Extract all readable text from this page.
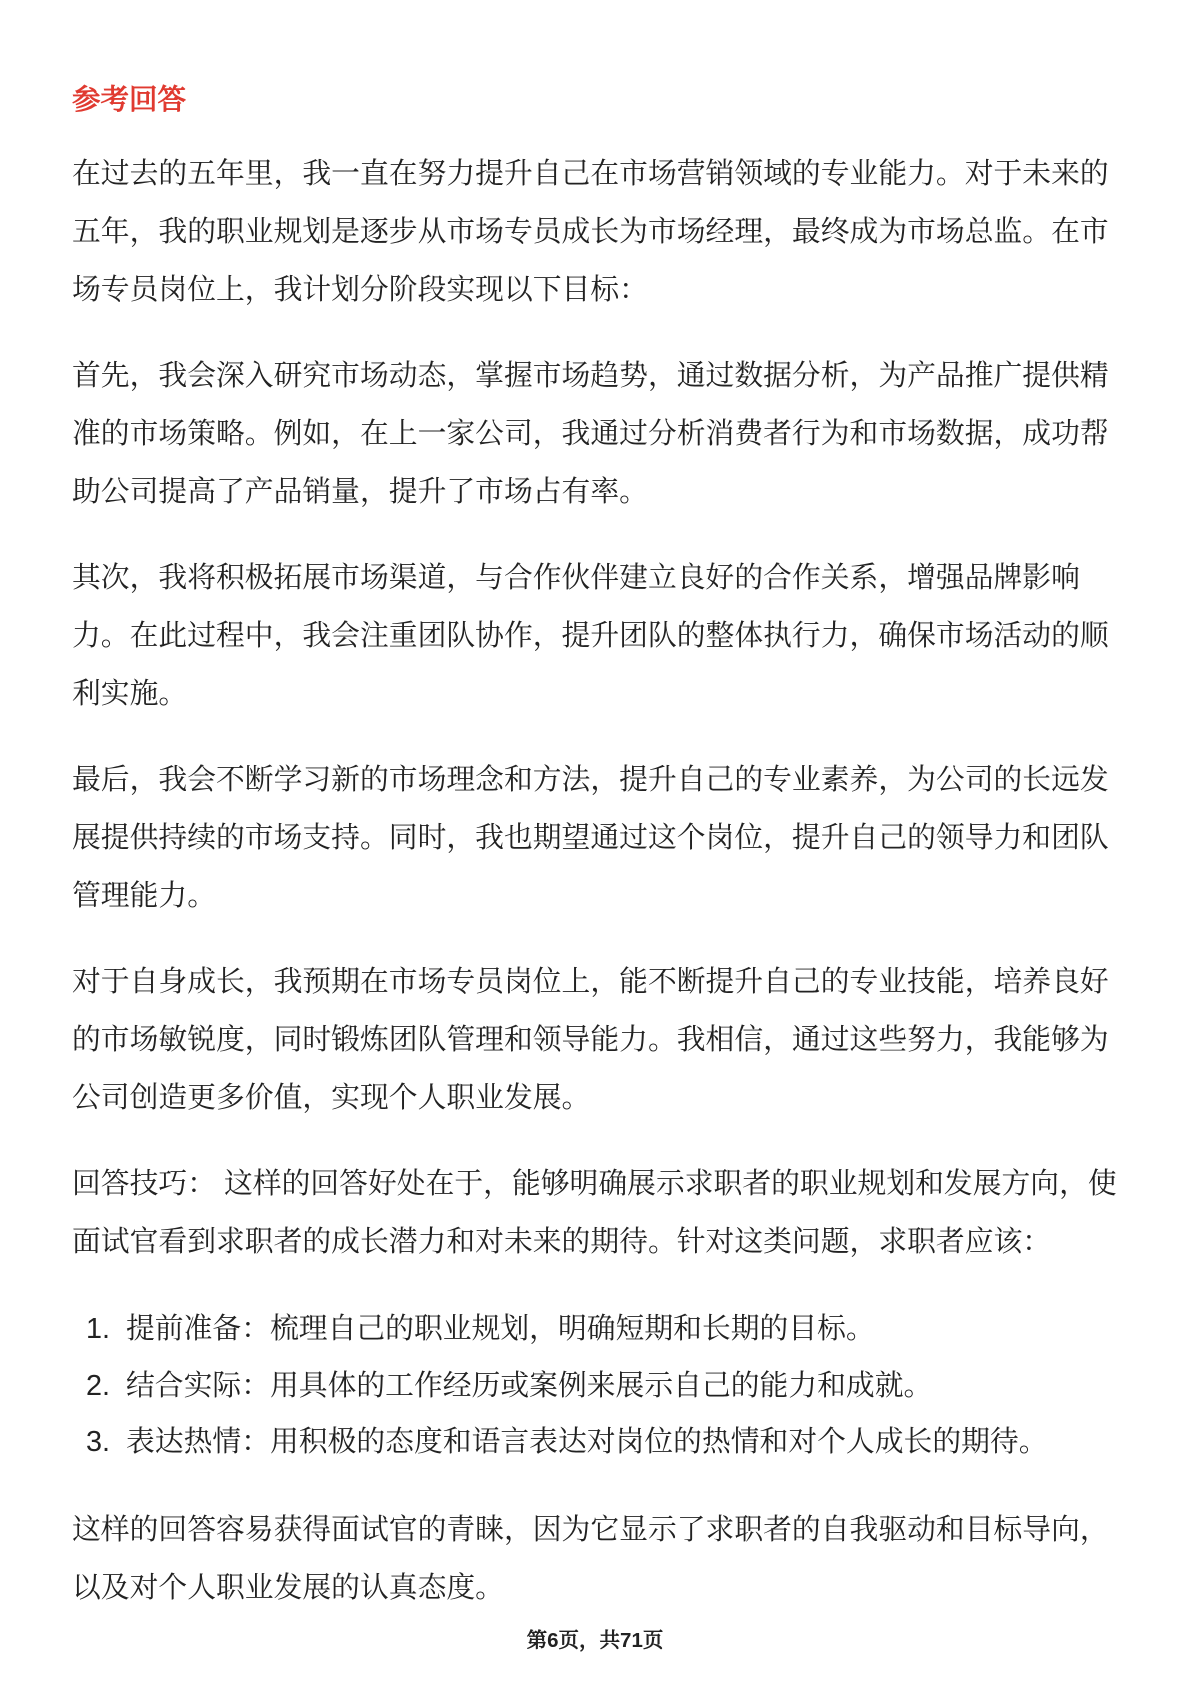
参考回答
在过去的五年里，我一直在努力提升自己在市场营销领域的专业能力。对于未来的
五年，我的职业规划是逐步从市场专员成长为市场经理，最终成为市场总监。在市
场专员岗位上，我计划分阶段实现以下目标：
首先，我会深入研究市场动态，掌握市场趋势，通过数据分析，为产品推广提供精
准的市场策略。例如，在上一家公司，我通过分析消费者行为和市场数据，成功帮
助公司提高了产品销量，提升了市场占有率。
其次，我将积极拓展市场渠道，与合作伙伴建立良好的合作关系，增强品牌影响
力。在此过程中，我会注重团队协作，提升团队的整体执行力，确保市场活动的顺
利实施。
最后，我会不断学习新的市场理念和方法，提升自己的专业素养，为公司的长远发
展提供持续的市场支持。同时，我也期望通过这个岗位，提升自己的领导力和团队
管理能力。
对于自身成长，我预期在市场专员岗位上，能不断提升自己的专业技能，培养良好
的市场敏锐度，同时锻炼团队管理和领导能力。我相信，通过这些努力，我能够为
公司创造更多价值，实现个人职业发展。
回答技巧： 这样的回答好处在于，能够明确展示求职者的职业规划和发展方向，使
面试官看到求职者的成长潜力和对未来的期待。针对这类问题，求职者应该：
1. 提前准备：梳理自己的职业规划，明确短期和长期的目标。
2. 结合实际：用具体的工作经历或案例来展示自己的能力和成就。
3. 表达热情：用积极的态度和语言表达对岗位的热情和对个人成长的期待。
这样的回答容易获得面试官的青睐，因为它显示了求职者的自我驱动和目标导向，
以及对个人职业发展的认真态度。
第6页，共71页
